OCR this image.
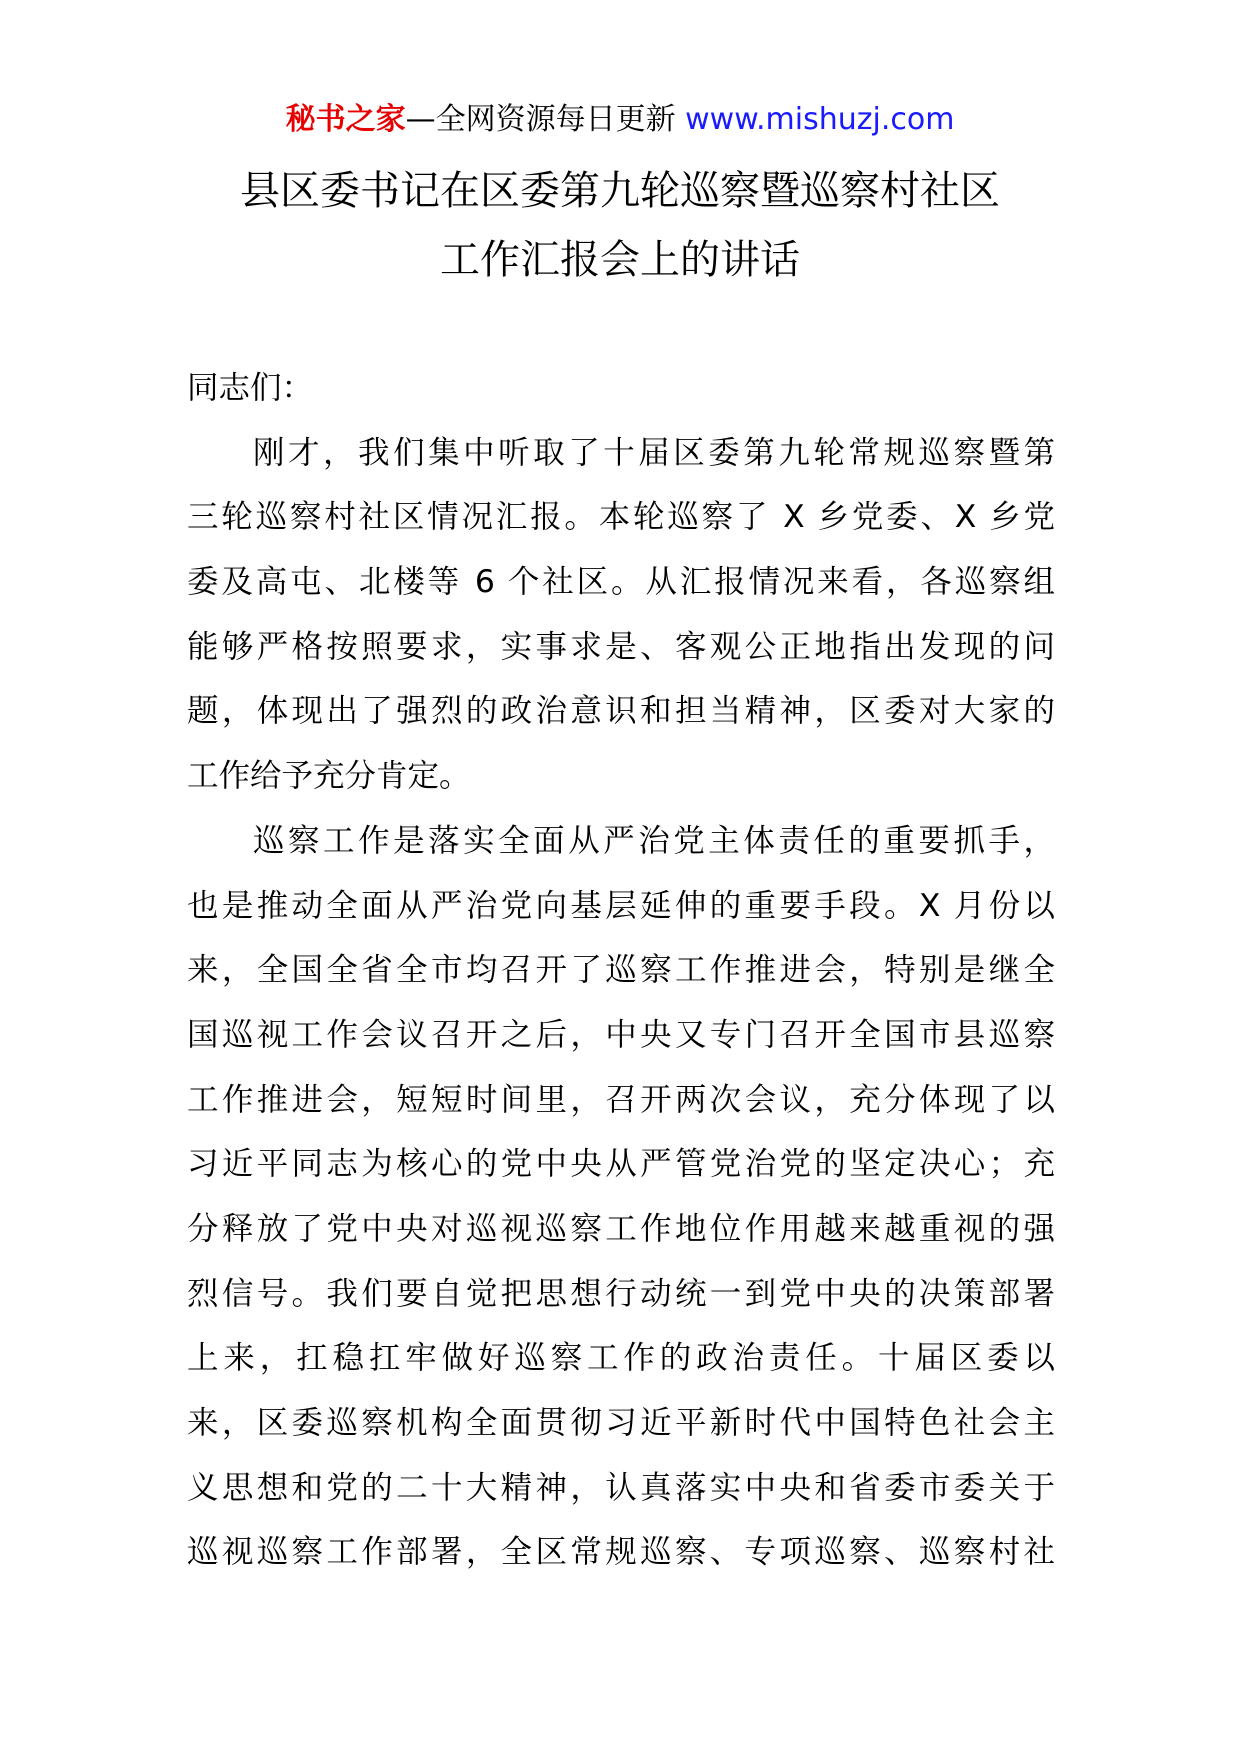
秘书之家—全网资源每日更新 www.mishuzj.com
县区委书记在区委第九轮巡察暨巡察村社区
工作汇报会上的讲话
同志们：
刚才，我们集中听取了十届区委第九轮常规巡察暨第
三轮巡察村社区情况汇报。本轮巡察了 X 乡党委、X 乡党
委及高屯、北楼等 6 个社区。从汇报情况来看，各巡察组
能够严格按照要求，实事求是、客观公正地指出发现的问
题，体现出了强烈的政治意识和担当精神，区委对大家的
工作给予充分肯定。
巡察工作是落实全面从严治党主体责任的重要抓手，
也是推动全面从严治党向基层延伸的重要手段。X 月份以
来，全国全省全市均召开了巡察工作推进会，特别是继全
国巡视工作会议召开之后，中央又专门召开全国市县巡察
工作推进会，短短时间里，召开两次会议，充分体现了以
习近平同志为核心的党中央从严管党治党的坚定决心；充
分释放了党中央对巡视巡察工作地位作用越来越重视的强
烈信号。我们要自觉把思想行动统一到党中央的决策部署
上来，扛稳扛牢做好巡察工作的政治责任。十届区委以
来，区委巡察机构全面贯彻习近平新时代中国特色社会主
义思想和党的二十大精神，认真落实中央和省委市委关于
巡视巡察工作部署，全区常规巡察、专项巡察、巡察村社
